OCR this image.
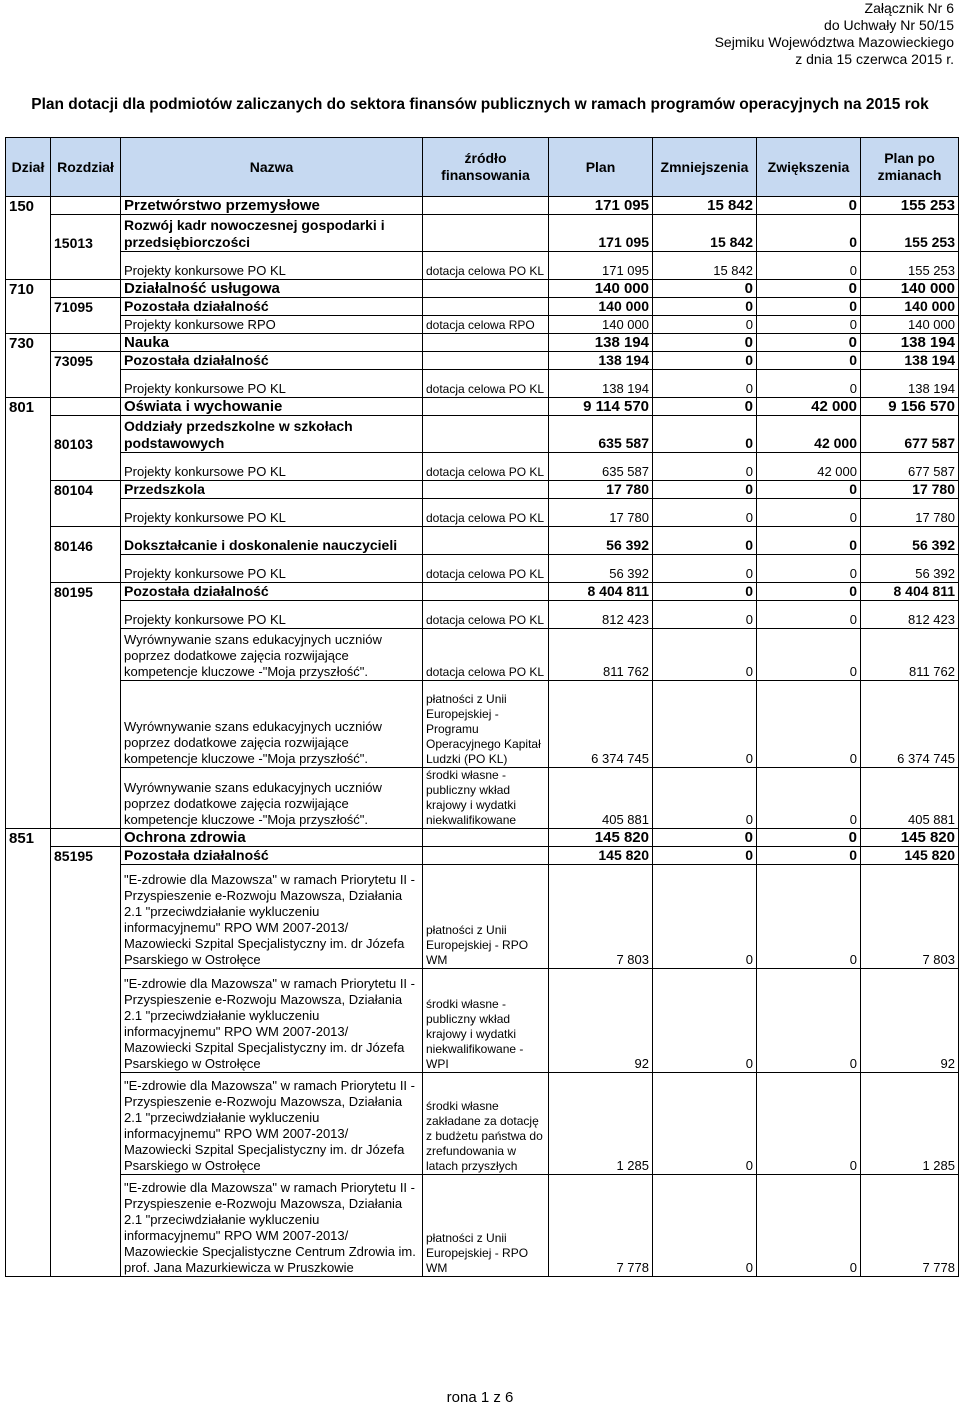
Załącznik Nr 6
do Uchwały Nr 50/15
Sejmiku Województwa Mazowieckiego
z dnia 15 czerwca 2015 r.
Plan dotacji dla podmiotów zaliczanych do sektora finansów publicznych w ramach programów operacyjnych na 2015 rok
Dział	Rozdział	Nazwa	źródło finansowania	Plan	Zmniejszenia	Zwiększenia	Plan po zmianach
150		Przetwórstwo przemysłowe		171 095	15 842	0	155 253
	15013	Rozwój kadr nowoczesnej gospodarki i przedsiębiorczości		171 095	15 842	0	155 253
		Projekty konkursowe PO KL	dotacja celowa PO KL	171 095	15 842	0	155 253
710		Działalność usługowa		140 000	0	0	140 000
	71095	Pozostała działalność		140 000	0	0	140 000
		Projekty konkursowe RPO	dotacja celowa RPO	140 000	0	0	140 000
730		Nauka		138 194	0	0	138 194
	73095	Pozostała działalność		138 194	0	0	138 194
		Projekty konkursowe PO KL	dotacja celowa PO KL	138 194	0	0	138 194
801		Oświata i wychowanie		9 114 570	0	42 000	9 156 570
	80103	Oddziały przedszkolne w szkołach podstawowych		635 587	0	42 000	677 587
		Projekty konkursowe PO KL	dotacja celowa PO KL	635 587	0	42 000	677 587
	80104	Przedszkola		17 780	0	0	17 780
		Projekty konkursowe PO KL	dotacja celowa PO KL	17 780	0	0	17 780
	80146	Dokształcanie i doskonalenie nauczycieli		56 392	0	0	56 392
		Projekty konkursowe PO KL	dotacja celowa PO KL	56 392	0	0	56 392
	80195	Pozostała działalność		8 404 811	0	0	8 404 811
		Projekty konkursowe PO KL	dotacja celowa PO KL	812 423	0	0	812 423
		Wyrównywanie szans edukacyjnych uczniów poprzez dodatkowe zajęcia rozwijające kompetencje kluczowe -"Moja przyszłość".	dotacja celowa PO KL	811 762	0	0	811 762
		Wyrównywanie szans edukacyjnych uczniów poprzez dodatkowe zajęcia rozwijające kompetencje kluczowe -"Moja przyszłość".	płatności z Unii Europejskiej - Programu Operacyjnego Kapitał Ludzki (PO KL)	6 374 745	0	0	6 374 745
		Wyrównywanie szans edukacyjnych uczniów poprzez dodatkowe zajęcia rozwijające kompetencje kluczowe -"Moja przyszłość".	środki własne - publiczny wkład krajowy i wydatki niekwalifikowane	405 881	0	0	405 881
851		Ochrona zdrowia		145 820	0	0	145 820
	85195	Pozostała działalność		145 820	0	0	145 820
		"E-zdrowie dla Mazowsza" w ramach Priorytetu II - Przyspieszenie e-Rozwoju Mazowsza, Działania 2.1 "przeciwdziałanie wykluczeniu informacyjnemu" RPO WM 2007-2013/ Mazowiecki Szpital Specjalistyczny im. dr Józefa Psarskiego w Ostrołęce	płatności z Unii Europejskiej - RPO WM	7 803	0	0	7 803
		"E-zdrowie dla Mazowsza" w ramach Priorytetu II - Przyspieszenie e-Rozwoju Mazowsza, Działania 2.1 "przeciwdziałanie wykluczeniu informacyjnemu" RPO WM 2007-2013/ Mazowiecki Szpital Specjalistyczny im. dr Józefa Psarskiego w Ostrołęce	środki własne - publiczny wkład krajowy i wydatki niekwalifikowane - WPI	92	0	0	92
		"E-zdrowie dla Mazowsza" w ramach Priorytetu II - Przyspieszenie e-Rozwoju Mazowsza, Działania 2.1 "przeciwdziałanie wykluczeniu informacyjnemu" RPO WM 2007-2013/ Mazowiecki Szpital Specjalistyczny im. dr Józefa Psarskiego w Ostrołęce	środki własne zakładane za dotację z budżetu państwa do zrefundowania w latach przyszłych	1 285	0	0	1 285
		"E-zdrowie dla Mazowsza" w ramach Priorytetu II - Przyspieszenie e-Rozwoju Mazowsza, Działania 2.1 "przeciwdziałanie wykluczeniu informacyjnemu" RPO WM 2007-2013/ Mazowieckie Specjalistyczne Centrum Zdrowia im. prof. Jana Mazurkiewicza w Pruszkowie	płatności z Unii Europejskiej - RPO WM	7 778	0	0	7 778
rona 1 z 6
